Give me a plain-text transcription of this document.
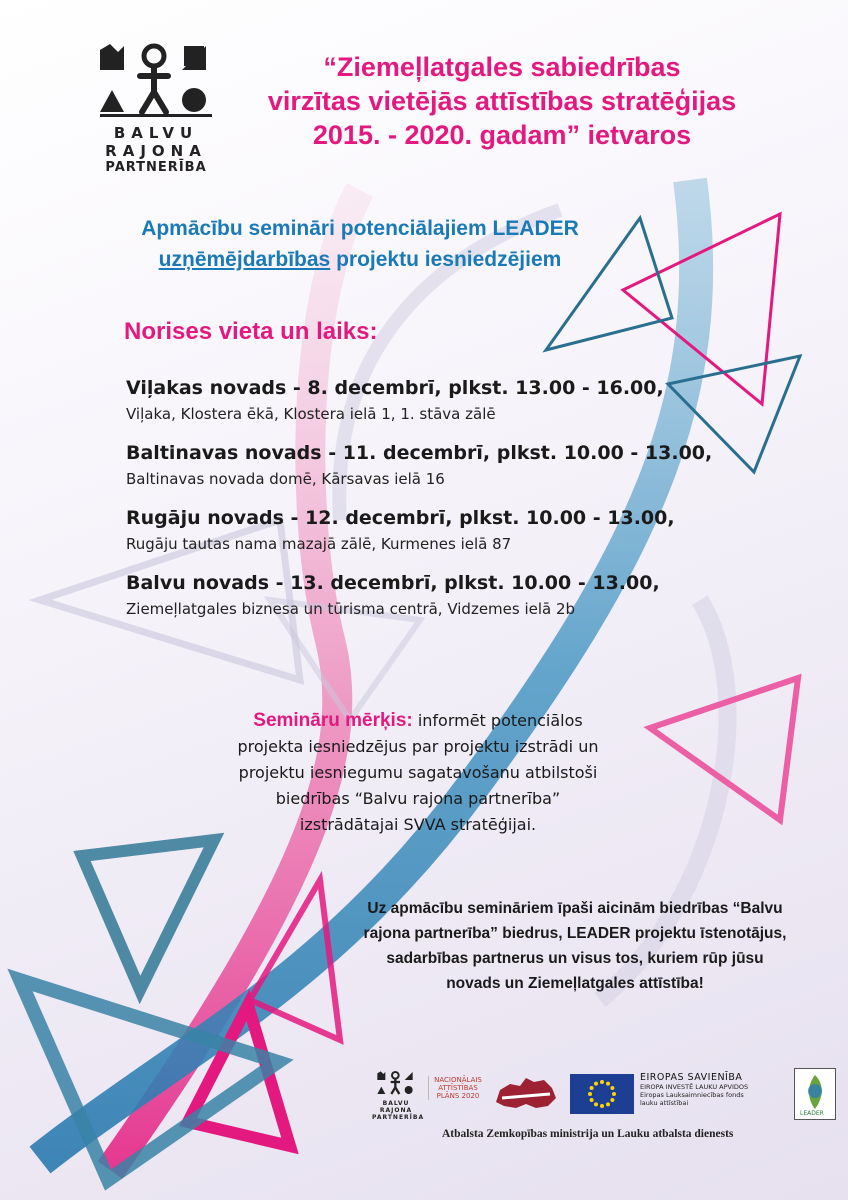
BALVU
RAJONA
PARTNERĪBA
“Ziemeļlatgales sabiedrības
virzītas vietējās attīstības stratēģijas
2015. - 2020. gadam” ietvaros
Apmācību semināri potenciālajiem LEADER
uzņēmējdarbības projektu iesniedzējiem
Norises vieta un laiks:
Viļakas novads - 8. decembrī, plkst. 13.00 - 16.00,
Viļaka, Klostera ēkā, Klostera ielā 1, 1. stāva zālē
Baltinavas novads - 11. decembrī, plkst. 10.00 - 13.00,
Baltinavas novada domē, Kārsavas ielā 16
Rugāju novads - 12. decembrī, plkst. 10.00 - 13.00,
Rugāju tautas nama mazajā zālē, Kurmenes ielā 87
Balvu novads - 13. decembrī, plkst. 10.00 - 13.00,
Ziemeļlatgales biznesa un tūrisma centrā, Vidzemes ielā 2b
Semināru mērķis: informēt potenciālos
projekta iesniedzējus par projektu izstrādi un
projektu iesniegumu sagatavošanu atbilstoši
biedrības “Balvu rajona partnerība”
izstrādātajai SVVA stratēģijai.
Uz apmācību semināriem īpaši aicinām biedrības “Balvu
rajona partnerība” biedrus, LEADER projektu īstenotājus,
sadarbības partnerus un visus tos, kuriem rūp jūsu
novads un Ziemeļlatgales attīstība!
BALVU
RAJONA
PARTNERĪBA
NACIONĀLAIS
ATTĪSTĪBAS
PLĀNS 2020
EIROPAS SAVIENĪBA
EIROPA INVESTĒ LAUKU APVIDOS
Eiropas Lauksaimniecības fonds
lauku attīstībai
LEADER
Atbalsta Zemkopības ministrija un Lauku atbalsta dienests
